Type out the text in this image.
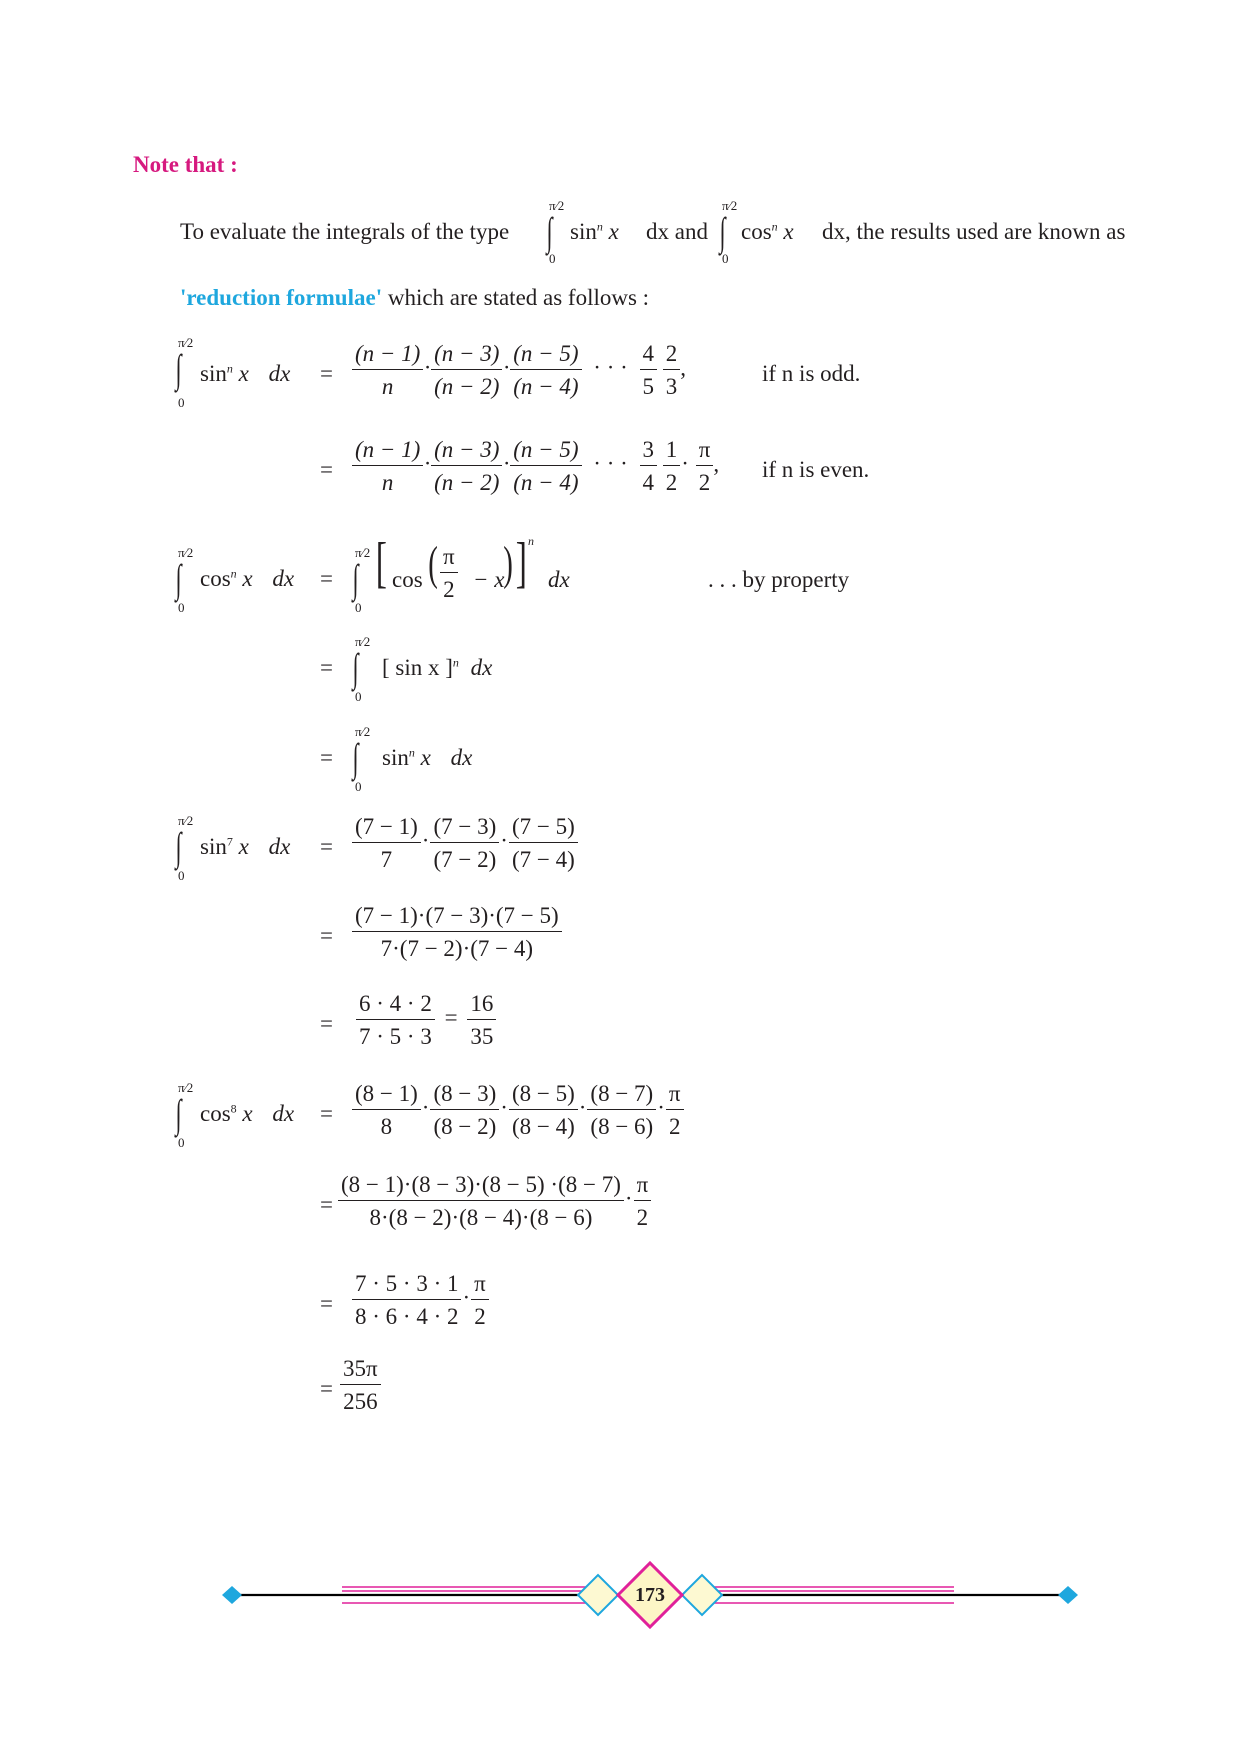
Note that :
To evaluate the integrals of the type
π⁄2
∫
0
$\sin^n x$ dx and
π⁄2
∫
0
$\cos^n x$ dx, the results used are known as
'reduction formulae' which are stated as follows :
π⁄2
∫
0
$\sin^n x$ dx = $\frac{(n - 1)}{n} \cdot \frac{(n - 3)}{(n - 2)} \cdot \frac{(n - 5)}{(n - 4)}$ · · · $\frac{4}{5}$
$\frac{2}{3}$ ,	if n is odd.
= $\frac{(n - 1)}{n} \cdot \frac{(n - 3)}{(n - 2)} \cdot \frac{(n - 5)}{(n - 4)}$ · · · $\frac{3}{4}$
$\frac{1}{2} \cdot \frac{\pi}{2}$ , if n is even.
π⁄2
∫
0
$\cos^n x$ dx =
π⁄2
∫
0
[ cos ( $\frac{\pi}{2} - x$
) ] n
dx	. . . by property
=
π⁄2
∫
0
[ sin x ]$^n$ dx
=
π⁄2
∫
0
$\sin^n x$ dx
π⁄2
∫
0
$\sin^7 x$ dx = $\frac{(7 - 1)}{7} \cdot \frac{(7 - 3)}{(7 - 2)} \cdot \frac{(7 - 5)}{(7 - 4)}$
= $\frac{(7 - 1)\cdot(7 - 3)\cdot(7 - 5)}{7\cdot(7 - 2)\cdot(7 - 4)}$
= $\frac{6 \cdot 4 \cdot 2}{7 \cdot 5 \cdot 3} = \frac{16}{35}$
π⁄2
∫
0
$\cos^8 x$ dx = $\frac{(8 - 1)}{8} \cdot \frac{(8 - 3)}{(8 - 2)} \cdot \frac{(8 - 5)}{(8 - 4)} \cdot \frac{(8 - 7)}{(8 - 6)} \cdot \frac{\pi}{2}$
= $\frac{(8 - 1)\cdot(8 - 3)\cdot(8 - 5) \cdot(8 - 7)}{8\cdot(8 - 2)\cdot(8 - 4)\cdot(8 - 6)} \cdot \frac{\pi}{2}$
= $\frac{7 \cdot 5 \cdot 3 \cdot 1}{8 \cdot 6 \cdot 4 \cdot 2} \cdot \frac{\pi}{2}$
= $\frac{35\pi}{256}$
173
